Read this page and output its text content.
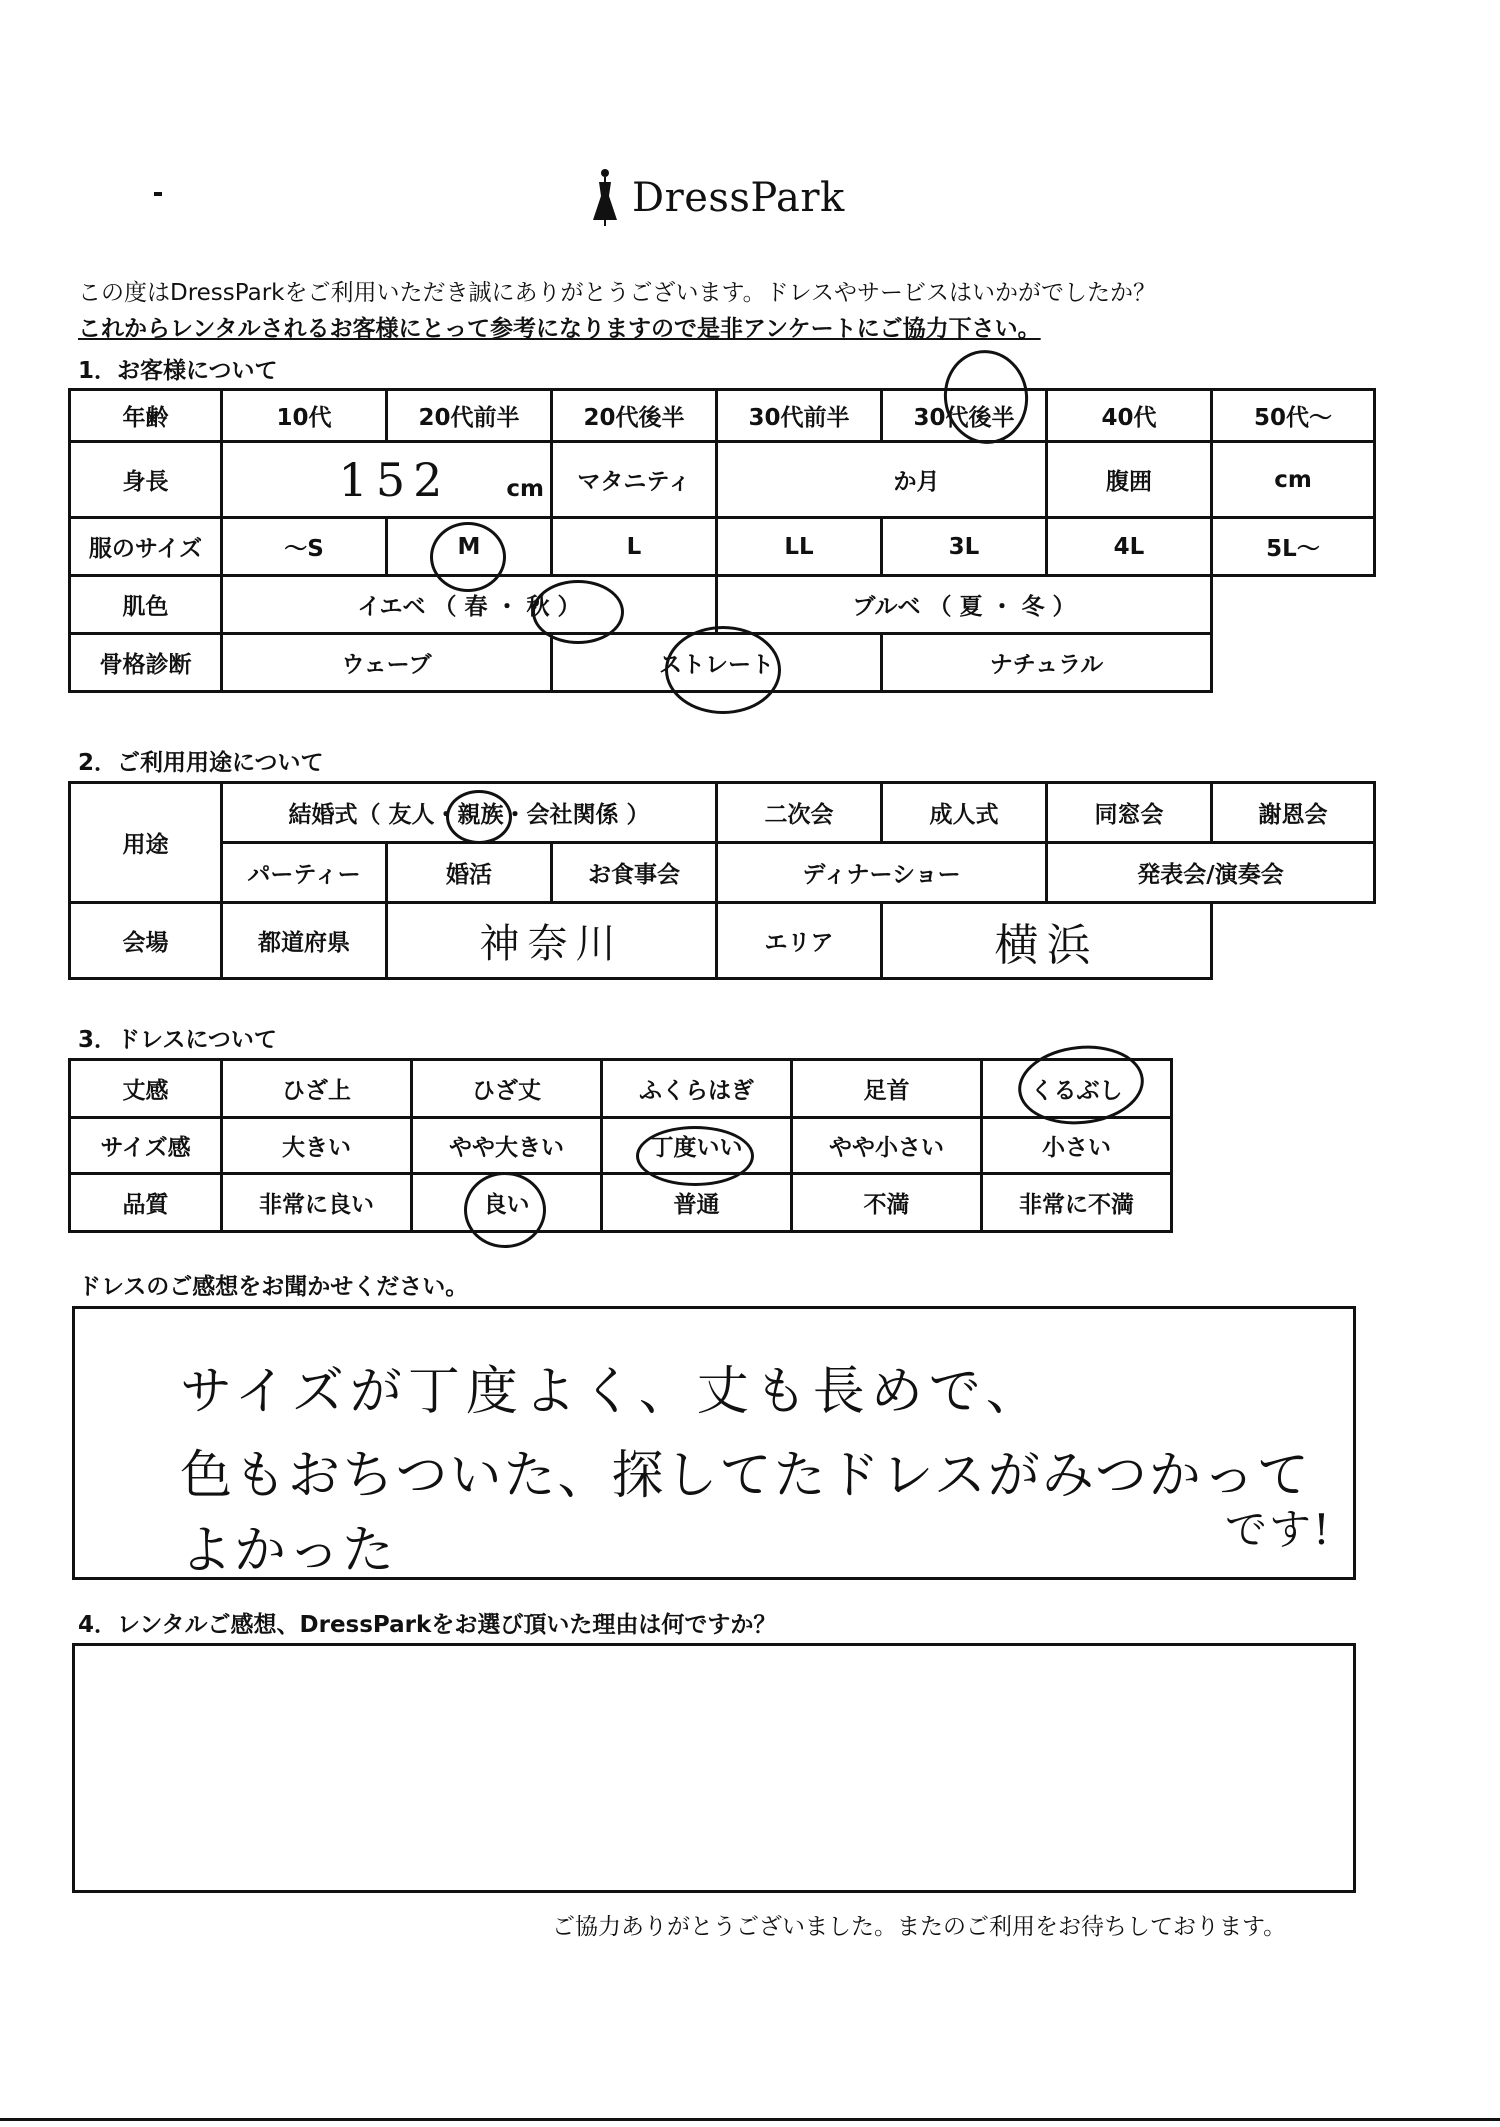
DressPark
この度はDressParkをご利用いただき誠にありがとうございます。ドレスやサービスはいかがでしたか？
これからレンタルされるお客様にとって参考になりますので是非アンケートにご協力下さい。
1．お客様について
年齢	10代	20代前半	20代後半	30代前半	30代後半	40代	50代～
身長	152 cm		マタニティ	か月		腹囲	cm
服のサイズ	～S	M	L	LL	3L	4L	5L～
肌色	イエベ （ 春 ・ 秋 ）			ブルベ （ 夏 ・ 冬 ）			
骨格診断	ウェーブ		ストレート		ナチュラル		
2．ご利用用途について
用途	結婚式（ 友人・親族・会社関係 ）			二次会	成人式	同窓会	謝恩会
	パーティー	婚活	お食事会	ディナーショー		発表会/演奏会	
会場	都道府県	神奈川		エリア	横浜		
3．ドレスについて
丈感	ひざ上	ひざ丈	ふくらはぎ	足首	くるぶし
サイズ感	大きい	やや大きい	丁度いい	やや小さい	小さい
品質	非常に良い	良い	普通	不満	非常に不満
ドレスのご感想をお聞かせください。
サイズが丁度よく、丈も長めで、
色もおちついた、探してたドレスがみつかってよかった	です!
4．レンタルご感想、DressParkをお選び頂いた理由は何ですか？
ご協力ありがとうございました。またのご利用をお待ちしております。
